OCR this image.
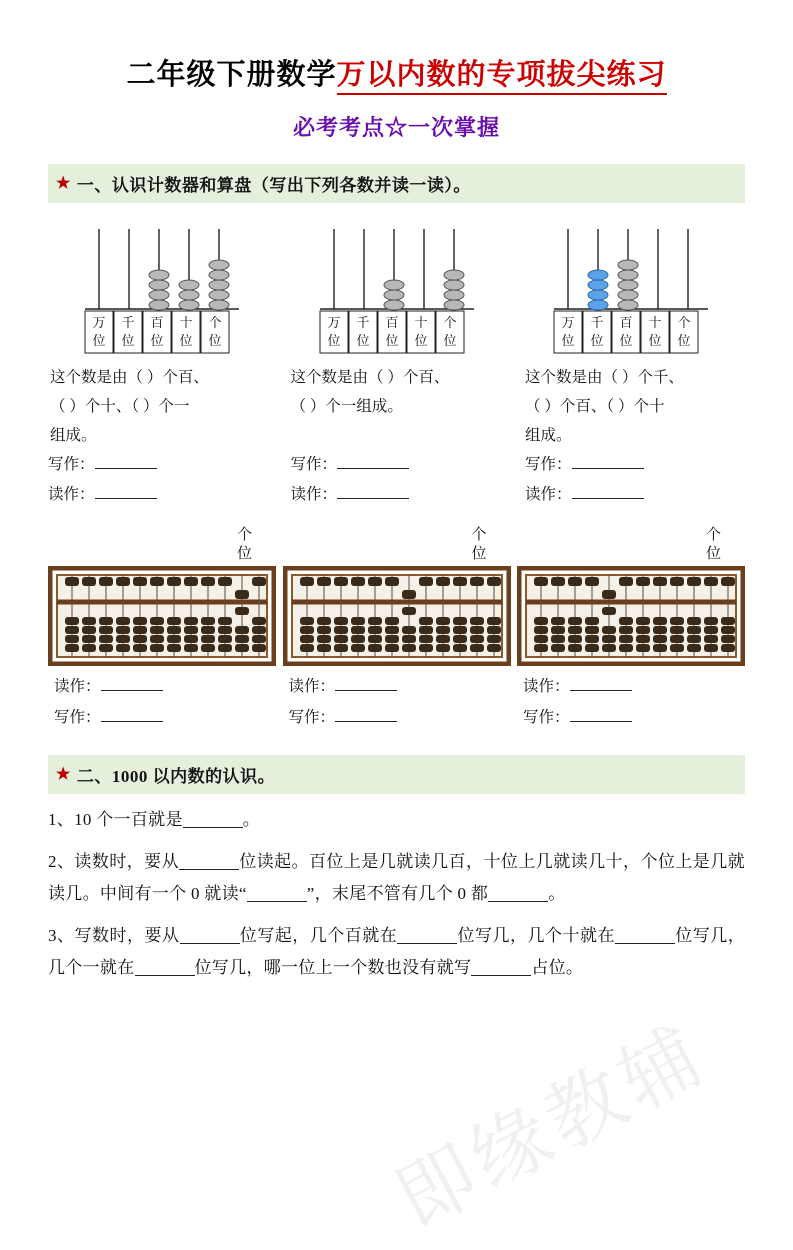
即缘教辅
二年级下册数学万以内数的专项拔尖练习
必考考点☆一次掌握
★ 一、认识计数器和算盘（写出下列各数并读一读）。
万
位
千
位
百
位
十
位
个
位
这个数是由（ ）个百、
（ ）个十、（ ）个一
组成。
写作：
读作：
万
位
千
位
百
位
十
位
个
位
这个数是由（ ）个百、
（ ）个一组成。

写作：
读作：
万
位
千
位
百
位
十
位
个
位
这个数是由（ ）个千、
（ ）个百、（ ）个十
组成。
写作：
读作：
个
位
读作：
写作：
个
位
读作：
写作：
个
位
读作：
写作：
★ 二、1000 以内数的认识。
1、10 个一百就是	。
2、读数时，要从	位读起。百位上是几就读几百，十位上几就读几十，个位上是几就读几。中间有一个 0 就读“	”，末尾不管有几个 0 都	。
3、写数时，要从	位写起，几个百就在	位写几，几个十就在	位写几，几个一就在	位写几，哪一位上一个数也没有就写	占位。
